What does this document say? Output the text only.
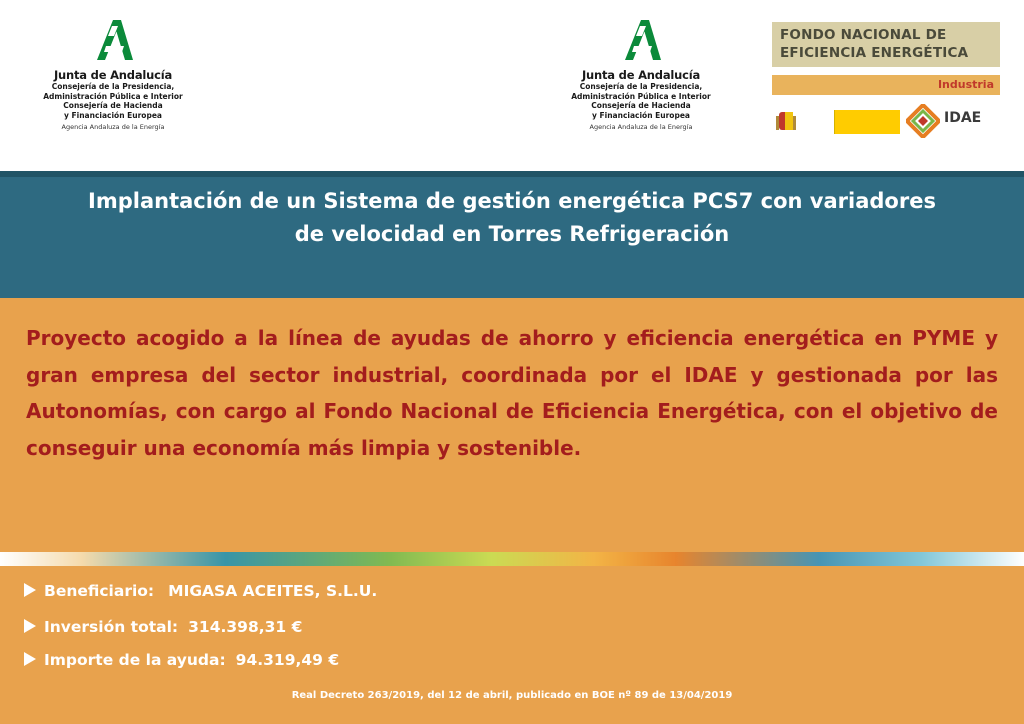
Junta de Andalucía
Consejería de la Presidencia,
Administración Pública e Interior
Consejería de Hacienda
y Financiación Europea
Agencia Andaluza de la Energía
Junta de Andalucía
Consejería de la Presidencia,
Administración Pública e Interior
Consejería de Hacienda
y Financiación Europea
Agencia Andaluza de la Energía
FONDO NACIONAL DE
EFICIENCIA ENERGÉTICA
Industria
IDAE
Implantación de un Sistema de gestión energética PCS7 con variadores
de velocidad en Torres Refrigeración
Proyecto acogido a la línea de ayudas de ahorro y eficiencia energética en PYME y gran empresa del sector industrial, coordinada por el IDAE y gestionada por las Autonomías, con cargo al Fondo Nacional de Eficiencia Energética, con el objetivo de conseguir una economía más limpia y sostenible.
Beneficiario: MIGASA ACEITES, S.L.U.
Inversión total: 314.398,31 €
Importe de la ayuda: 94.319,49 €
Real Decreto 263/2019, del 12 de abril, publicado en BOE nº 89 de 13/04/2019
